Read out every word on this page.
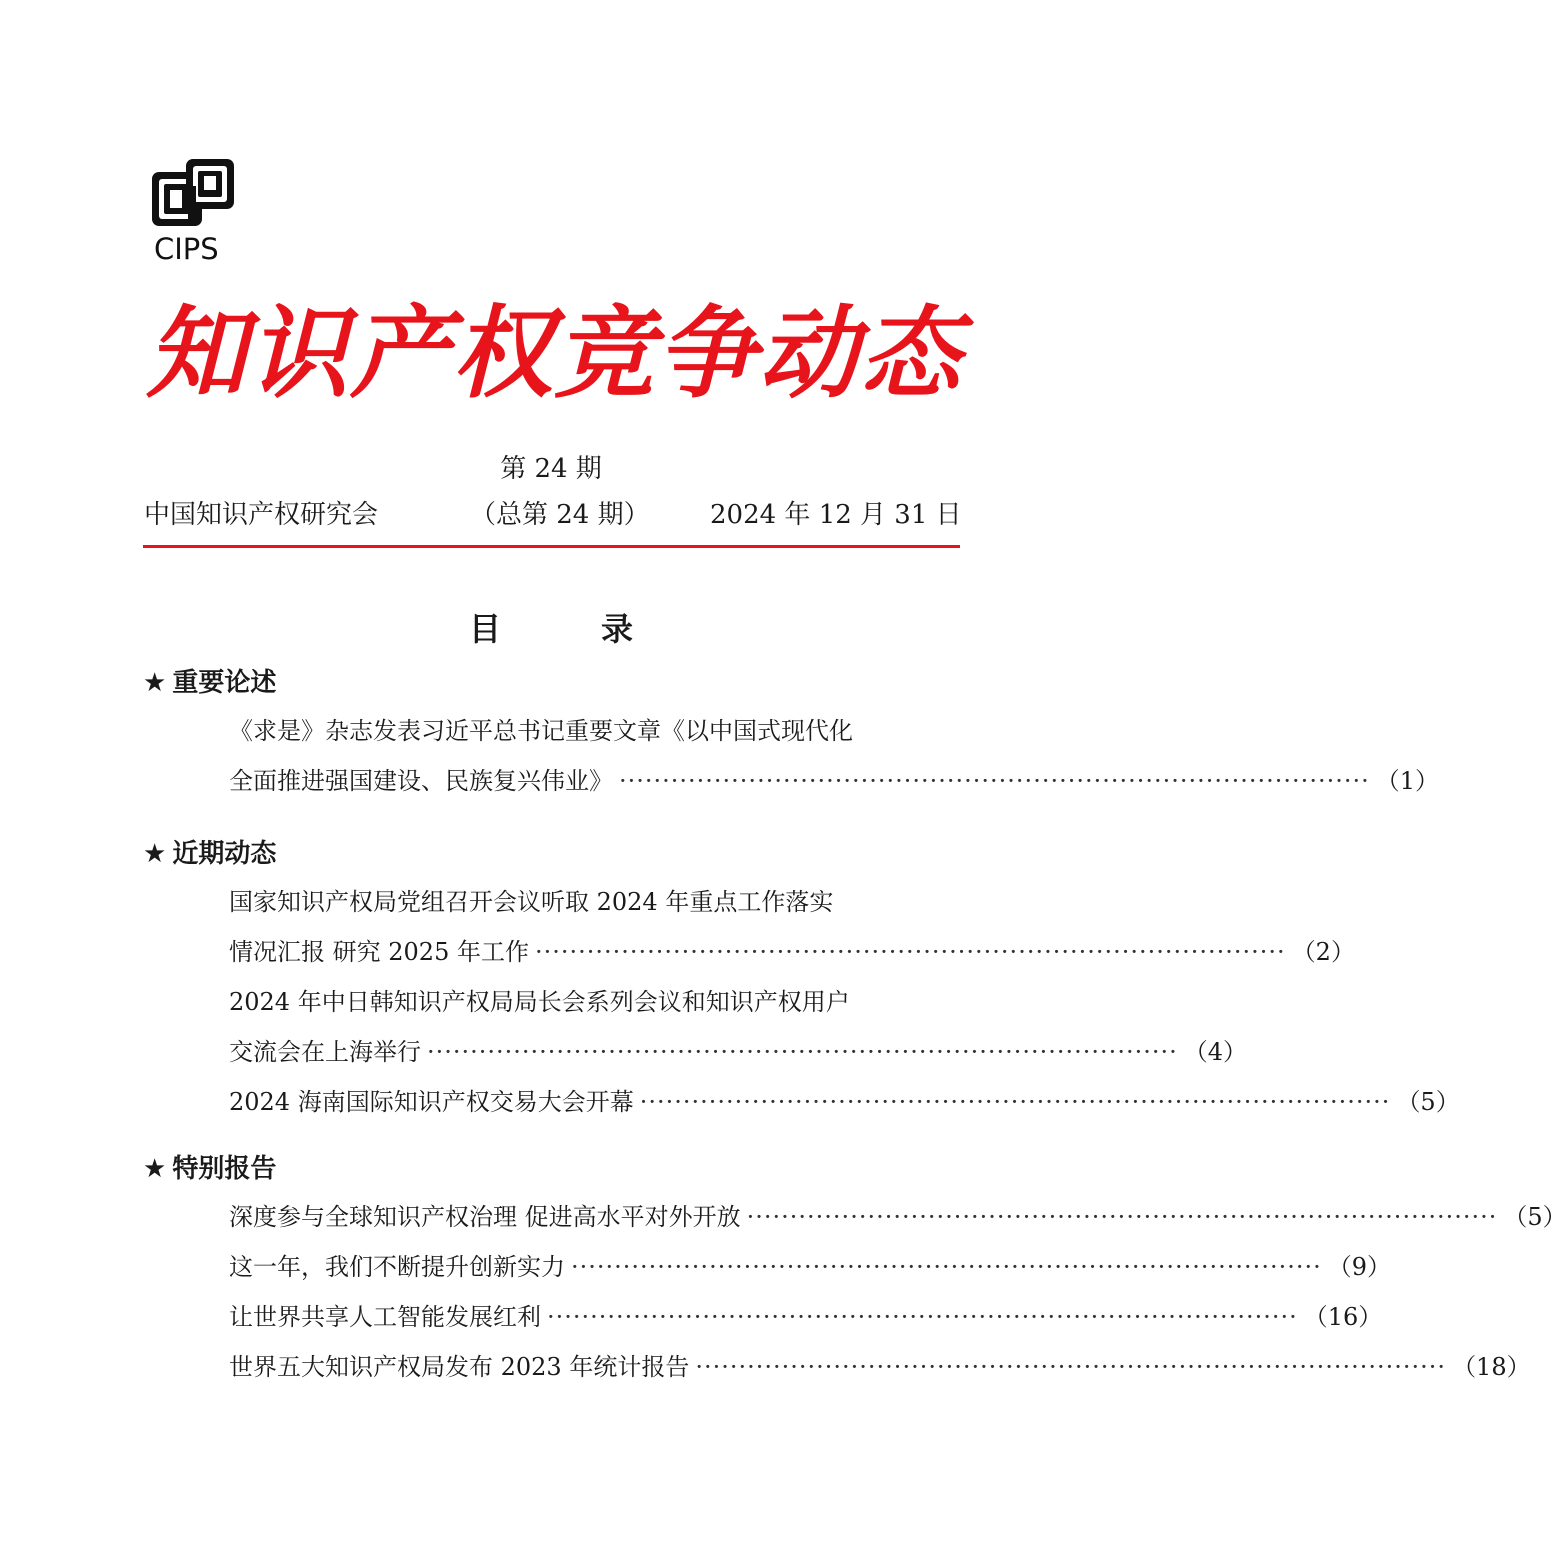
CIPS
知识产权竞争动态
第 24 期
中国知识产权研究会	（总第 24 期） 2024 年 12 月 31 日
目录
★ 重要论述
《求是》杂志发表习近平总书记重要文章《以中国式现代化
全面推进强国建设、民族复兴伟业》 ······················································································· （1）
★ 近期动态
国家知识产权局党组召开会议听取 2024 年重点工作落实
情况汇报 研究 2025 年工作 ······················································································· （2）
2024 年中日韩知识产权局局长会系列会议和知识产权用户
交流会在上海举行 ······················································································· （4）
2024 海南国际知识产权交易大会开幕 ······················································································· （5）
★ 特别报告
深度参与全球知识产权治理 促进高水平对外开放 ······················································································· （5）
这一年，我们不断提升创新实力 ······················································································· （9）
让世界共享人工智能发展红利 ······················································································· （16）
世界五大知识产权局发布 2023 年统计报告 ······················································································· （18）
